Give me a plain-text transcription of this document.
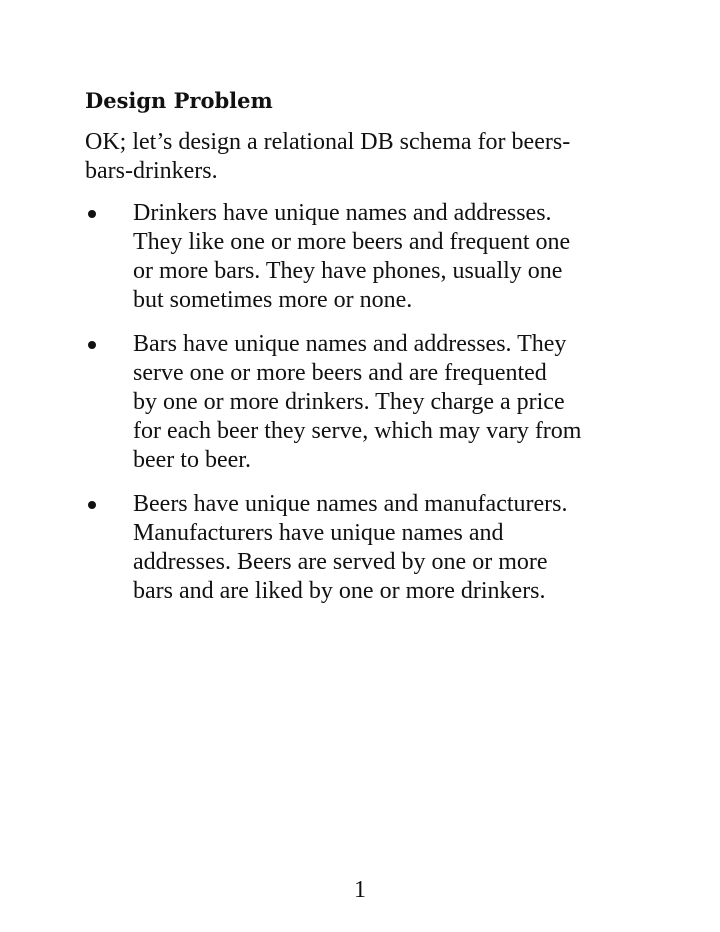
Design Problem

OK; let’s design a relational DB schema for beers-
bars-drinkers.

Drinkers have unique names and addresses.
They like one or more beers and frequent one
or more bars. They have phones, usually one
but sometimes more or none.
Bars have unique names and addresses. They
serve one or more beers and are frequented
by one or more drinkers. They charge a price
for each beer they serve, which may vary from
beer to beer.
Beers have unique names and manufacturers.
Manufacturers have unique names and
addresses. Beers are served by one or more
bars and are liked by one or more drinkers.
1
